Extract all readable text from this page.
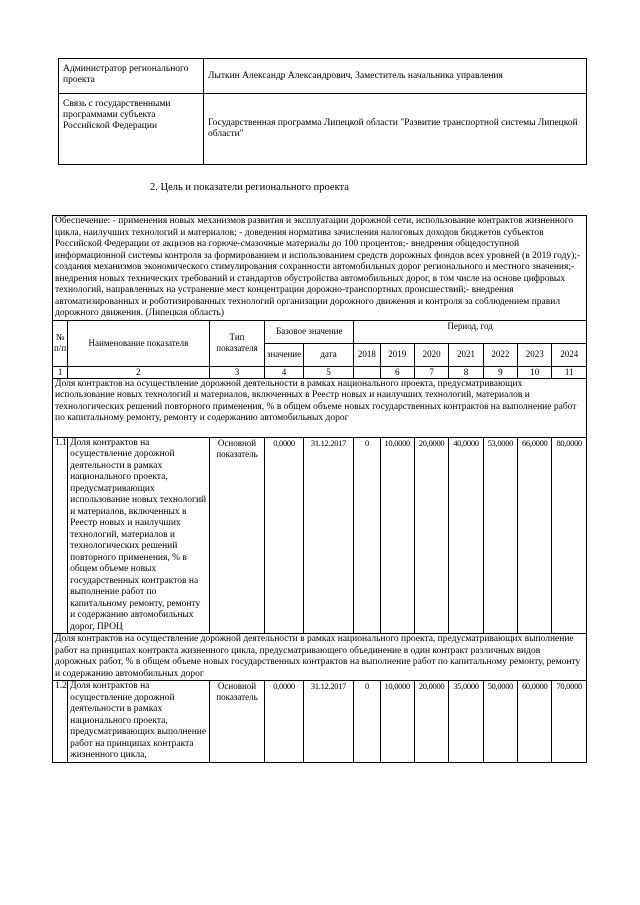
Администратор регионального проекта	Лыткин Александр Александрович, Заместитель начальника управления
Связь с государственными программами субъекта Российской Федерации	Государственная программа Липецкой области "Развитие транспортной системы Липецкой области"
2. Цель и показатели регионального проекта
Обеспечение: - применения новых механизмов развития и эксплуатации дорожной сети, использование контрактов жизненного цикла, наилучших технологий и материалов; - доведения норматива зачисления налоговых доходов бюджетов субъектов Российской Федерации от акцизов на горюче-смазочные материалы до 100 процентов;- внедрения общедоступной информационной системы контроля за формированием и использованием средств дорожных фондов всех уровней (в 2019 году);- создания механизмов экономического стимулирования сохранности автомобильных дорог регионального и местного значения;- внедрения новых технических требований и стандартов обустройства автомобильных дорог, в том числе на основе цифровых технологий, направленных на устранение мест концентрации дорожно-транспортных происшествий;- внедрения автоматизированных и роботизированных технологий организации дорожного движения и контроля за соблюдением правил дорожного движения. (Липецкая область)											
№ п/п	Наименование показателя	Тип показателя	Базовое значение		Период, год						
			значение	дата	2018	2019	2020	2021	2022	2023	2024
1	2	3	4	5		6	7	8	9	10	11
Доля контрактов на осуществление дорожной деятельности в рамках национального проекта, предусматривающих использование новых технологий и материалов, включенных в Реестр новых и наилучших технологий, материалов и технологических решений повторного применения, % в общем объеме новых государственных контрактов на выполнение работ по капитальному ремонту, ремонту и содержанию автомобильных дорог											
1.1	Доля контрактов на осуществление дорожной деятельности в рамках национального проекта, предусматривающих использование новых технологий и материалов, включенных в Реестр новых и наилучших технологий, материалов и технологических решений повторного применения, % в общем объеме новых государственных контрактов на выполнение работ по капитальному ремонту, ремонту и содержанию автомобильных дорог, ПРОЦ	Основной показатель	0,0000	31.12.2017	0	10,0000	20,0000	40,0000	53,0000	66,0000	80,0000
Доля контрактов на осуществление дорожной деятельности в рамках национального проекта, предусматривающих выполнение работ на принципах контракта жизненного цикла, предусматривающего объединение в один контракт различных видов дорожных работ, % в общем объеме новых государственных контрактов на выполнение работ по капитальному ремонту, ремонту и содержанию автомобильных дорог											
1.2	Доля контрактов на осуществление дорожной деятельности в рамках национального проекта, предусматривающих выполнение работ на принципах контракта жизненного цикла,	Основной показатель	0,0000	31.12.2017	0	10,0000	20,0000	35,0000	50,0000	60,0000	70,0000
